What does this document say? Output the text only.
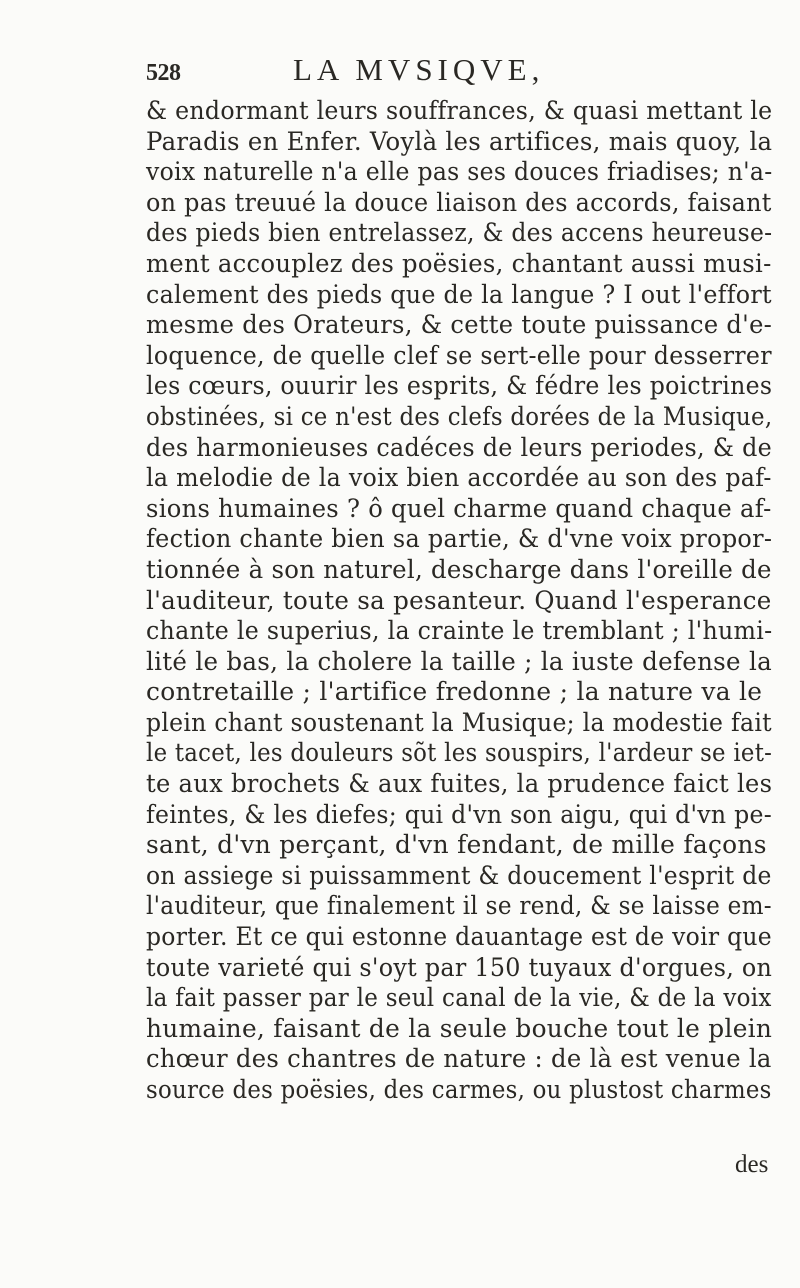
528	LA MVSIQVE,
& endormant leurs souffrances, & quasi mettant le
Paradis en Enfer. Voylà les artifices, mais quoy, la
voix naturelle n'a elle pas ses douces friadises; n'a-
on pas treuué la douce liaison des accords, faisant
des pieds bien entrelassez, & des accens heureuse-
ment accouplez des poësies, chantant aussi musi-
calement des pieds que de la langue ? I out l'effort
mesme des Orateurs, & cette toute puissance d'e-
loquence, de quelle clef se sert-elle pour desserrer
les cœurs, ouurir les esprits, & fédre les poictrines
obstinées, si ce n'est des clefs dorées de la Musique,
des harmonieuses cadéces de leurs periodes, & de
la melodie de la voix bien accordée au son des paf-
sions humaines ? ô quel charme quand chaque af-
fection chante bien sa partie, & d'vne voix propor-
tionnée à son naturel, descharge dans l'oreille de
l'auditeur, toute sa pesanteur. Quand l'esperance
chante le superius, la crainte le tremblant ; l'humi-
lité le bas, la cholere la taille ; la iuste defense la
contretaille ; l'artifice fredonne ; la nature va le
plein chant soustenant la Musique; la modestie fait
le tacet, les douleurs sõt les souspirs, l'ardeur se iet-
te aux brochets & aux fuites, la prudence faict les
feintes, & les diefes; qui d'vn son aigu, qui d'vn pe-
sant, d'vn perçant, d'vn fendant, de mille façons
on assiege si puissamment & doucement l'esprit de
l'auditeur, que finalement il se rend, & se laisse em-
porter. Et ce qui estonne dauantage est de voir que
toute varieté qui s'oyt par 150 tuyaux d'orgues, on
la fait passer par le seul canal de la vie, & de la voix
humaine, faisant de la seule bouche tout le plein
chœur des chantres de nature : de là est venue la
source des poësies, des carmes, ou plustost charmes
des
